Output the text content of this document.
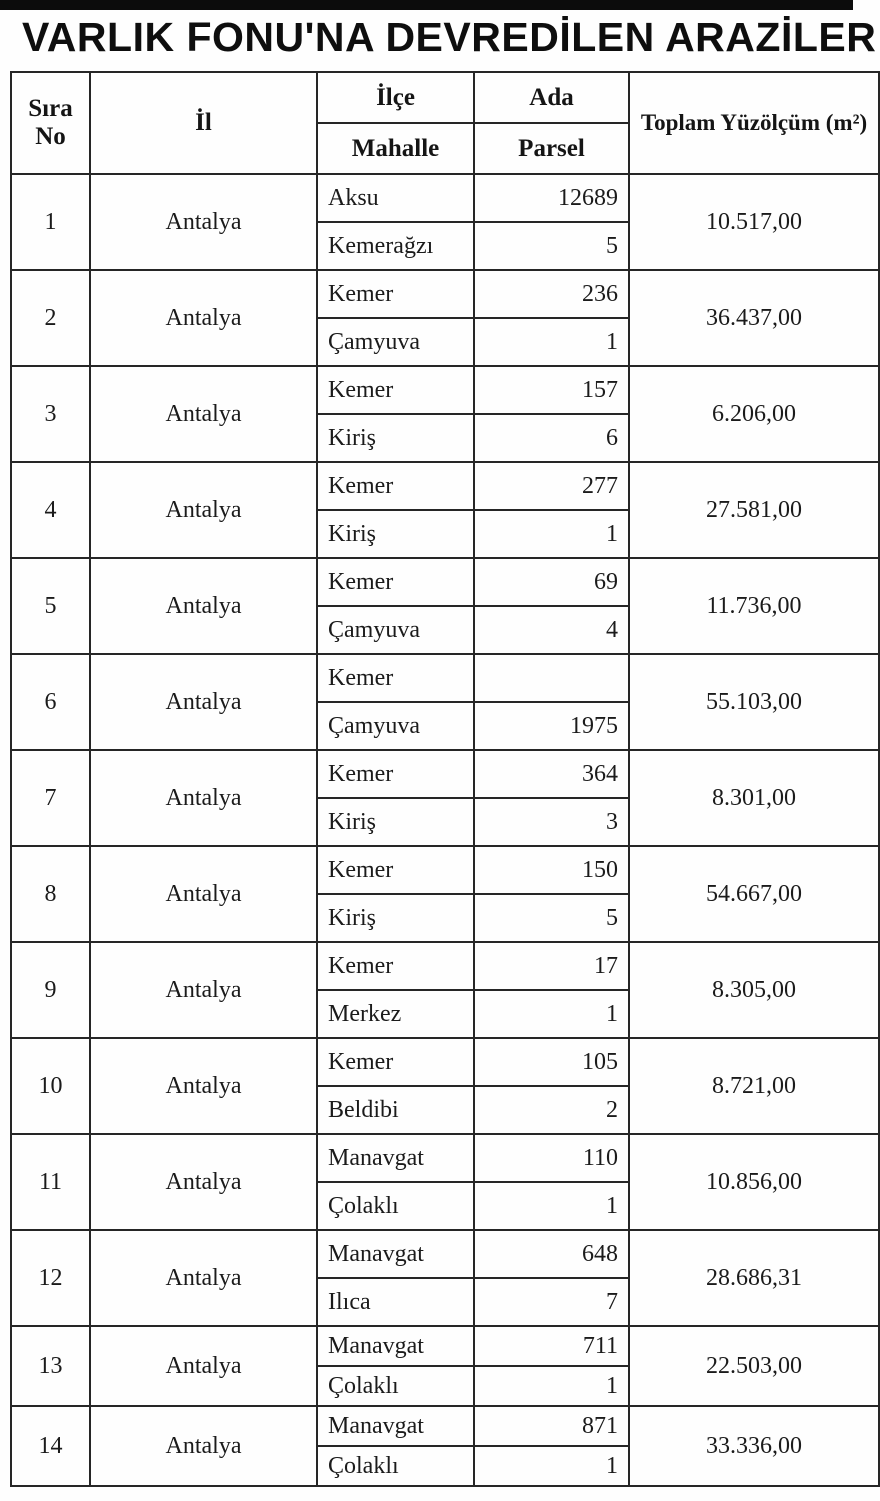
VARLIK FONU'NA DEVREDİLEN ARAZİLER
Sıra No	İl	İlçe	Ada	Toplam Yüzölçüm (m²)
		Mahalle	Parsel	
1	Antalya	Aksu	12689	10.517,00
		Kemerağzı	5	
2	Antalya	Kemer	236	36.437,00
		Çamyuva	1	
3	Antalya	Kemer	157	6.206,00
		Kiriş	6	
4	Antalya	Kemer	277	27.581,00
		Kiriş	1	
5	Antalya	Kemer	69	11.736,00
		Çamyuva	4	
6	Antalya	Kemer		55.103,00
		Çamyuva	1975	
7	Antalya	Kemer	364	8.301,00
		Kiriş	3	
8	Antalya	Kemer	150	54.667,00
		Kiriş	5	
9	Antalya	Kemer	17	8.305,00
		Merkez	1	
10	Antalya	Kemer	105	8.721,00
		Beldibi	2	
11	Antalya	Manavgat	110	10.856,00
		Çolaklı	1	
12	Antalya	Manavgat	648	28.686,31
		Ilıca	7	
13	Antalya	Manavgat	711	22.503,00
		Çolaklı	1	
14	Antalya	Manavgat	871	33.336,00
		Çolaklı	1	
